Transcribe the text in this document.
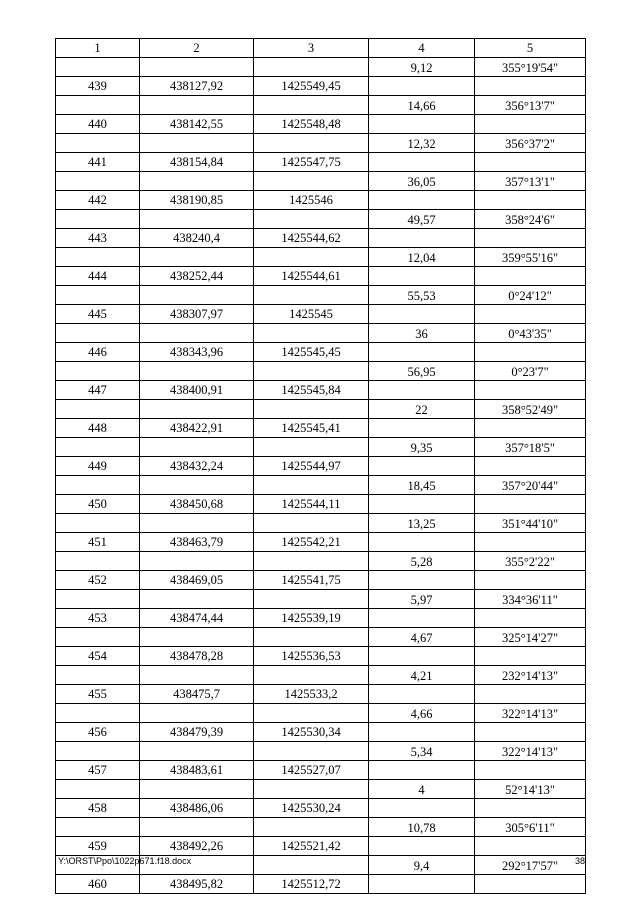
1	2	3	4	5
			9,12	355°19'54"
439	438127,92	1425549,45		
			14,66	356°13'7"
440	438142,55	1425548,48		
			12,32	356°37'2"
441	438154,84	1425547,75		
			36,05	357°13'1"
442	438190,85	1425546		
			49,57	358°24'6"
443	438240,4	1425544,62		
			12,04	359°55'16"
444	438252,44	1425544,61		
			55,53	0°24'12"
445	438307,97	1425545		
			36	0°43'35"
446	438343,96	1425545,45		
			56,95	0°23'7"
447	438400,91	1425545,84		
			22	358°52'49"
448	438422,91	1425545,41		
			9,35	357°18'5"
449	438432,24	1425544,97		
			18,45	357°20'44"
450	438450,68	1425544,11		
			13,25	351°44'10"
451	438463,79	1425542,21		
			5,28	355°2'22"
452	438469,05	1425541,75		
			5,97	334°36'11"
453	438474,44	1425539,19		
			4,67	325°14'27"
454	438478,28	1425536,53		
			4,21	232°14'13"
455	438475,7	1425533,2		
			4,66	322°14'13"
456	438479,39	1425530,34		
			5,34	322°14'13"
457	438483,61	1425527,07		
			4	52°14'13"
458	438486,06	1425530,24		
			10,78	305°6'11"
459	438492,26	1425521,42		
			9,4	292°17'57"
460	438495,82	1425512,72		
Y:\ORST\Ppo\1022p671.f18.docx	38
